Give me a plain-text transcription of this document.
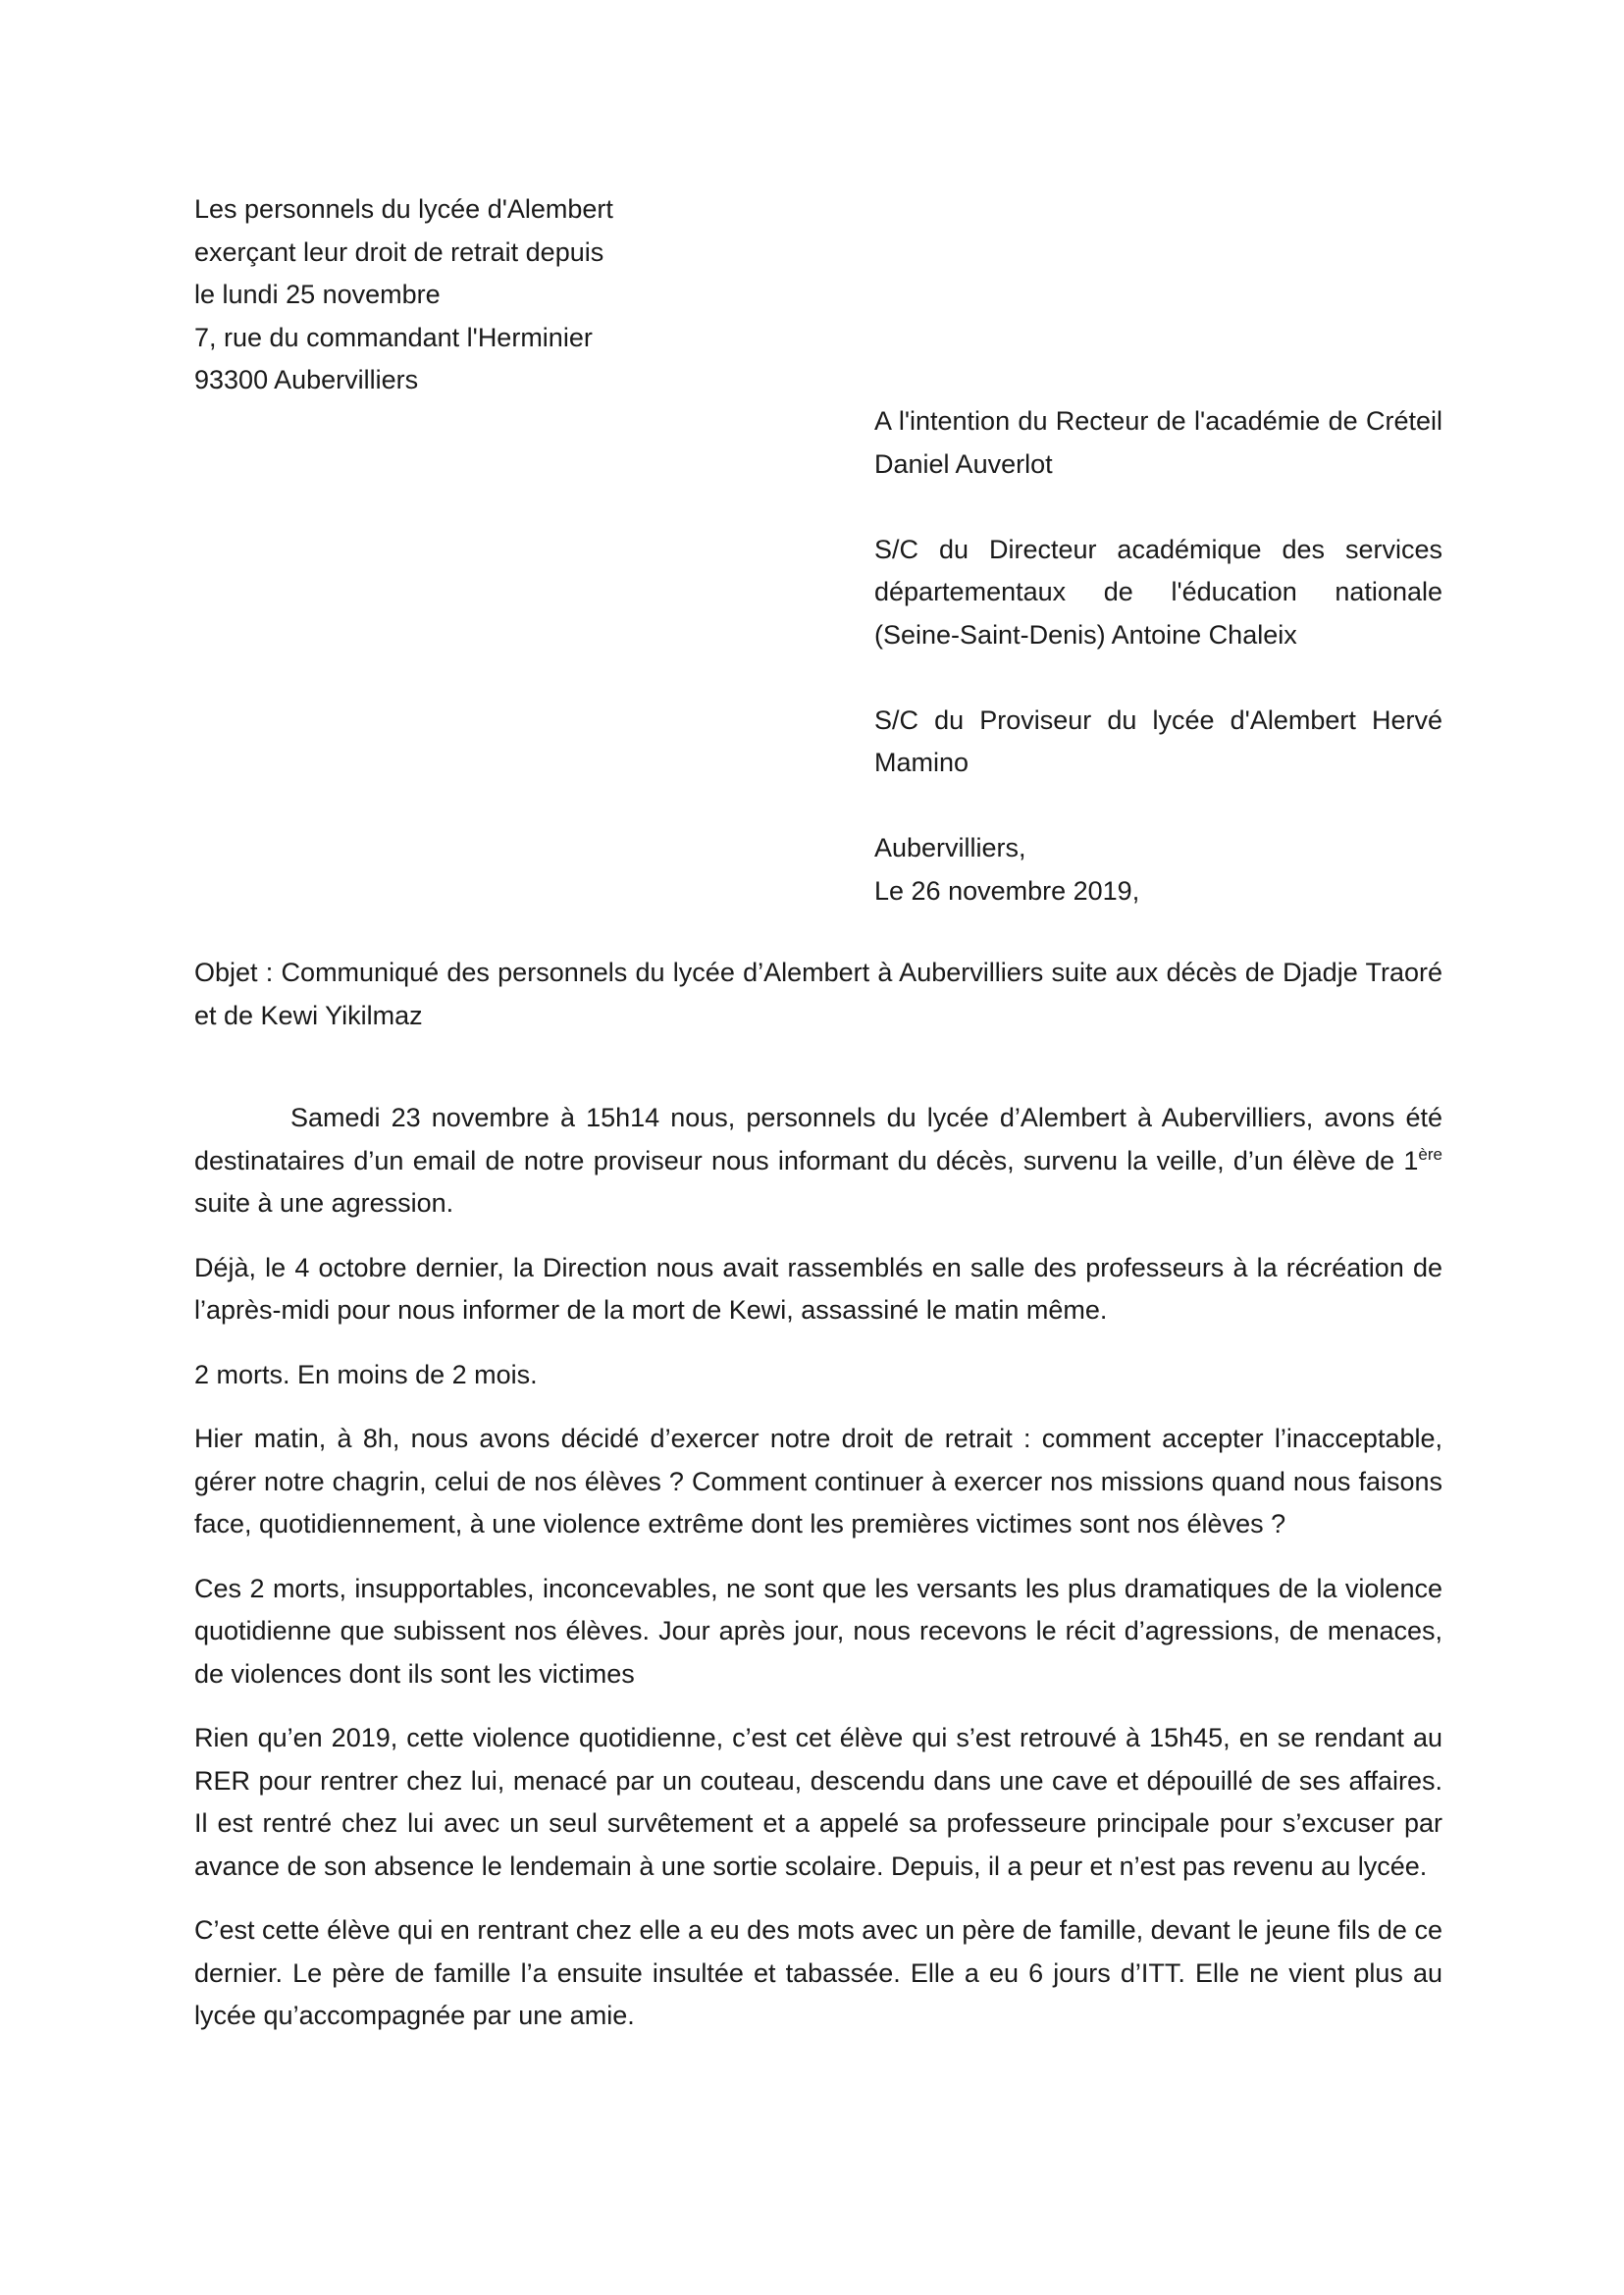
Les personnels du lycée d'Alembert
exerçant leur droit de retrait depuis
le lundi 25 novembre
7, rue du commandant l'Herminier
93300 Aubervilliers
A l'intention du Recteur de l'académie de Créteil Daniel Auverlot
S/C du Directeur académique des services départementaux de l'éducation nationale (Seine-Saint-Denis) Antoine Chaleix
S/C du Proviseur du lycée d'Alembert Hervé Mamino
Aubervilliers,
Le 26 novembre 2019,
Objet : Communiqué des personnels du lycée d’Alembert à Aubervilliers suite aux décès de Djadje Traoré et de Kewi Yikilmaz

Samedi 23 novembre à 15h14 nous, personnels du lycée d’Alembert à Aubervilliers, avons été destinataires d’un email de notre proviseur nous informant du décès, survenu la veille, d’un élève de 1ère suite à une agression.

Déjà, le 4 octobre dernier, la Direction nous avait rassemblés en salle des professeurs à la récréation de l’après-midi pour nous informer de la mort de Kewi, assassiné le matin même.

2 morts. En moins de 2 mois.

Hier matin, à 8h, nous avons décidé d’exercer notre droit de retrait : comment accepter l’inacceptable, gérer notre chagrin, celui de nos élèves ? Comment continuer à exercer nos missions quand nous faisons face, quotidiennement, à une violence extrême dont les premières victimes sont nos élèves ?

Ces 2 morts, insupportables, inconcevables, ne sont que les versants les plus dramatiques de la violence quotidienne que subissent nos élèves. Jour après jour, nous recevons le récit d’agressions, de menaces, de violences dont ils sont les victimes

Rien qu’en 2019, cette violence quotidienne, c’est cet élève qui s’est retrouvé à 15h45, en se rendant au RER pour rentrer chez lui, menacé par un couteau, descendu dans une cave et dépouillé de ses affaires. Il est rentré chez lui avec un seul survêtement et a appelé sa professeure principale pour s’excuser par avance de son absence le lendemain à une sortie scolaire. Depuis, il a peur et n’est pas revenu au lycée.

C’est cette élève qui en rentrant chez elle a eu des mots avec un père de famille, devant le jeune fils de ce dernier. Le père de famille l’a ensuite insultée et tabassée. Elle a eu 6 jours d’ITT. Elle ne vient plus au lycée qu’accompagnée par une amie.
